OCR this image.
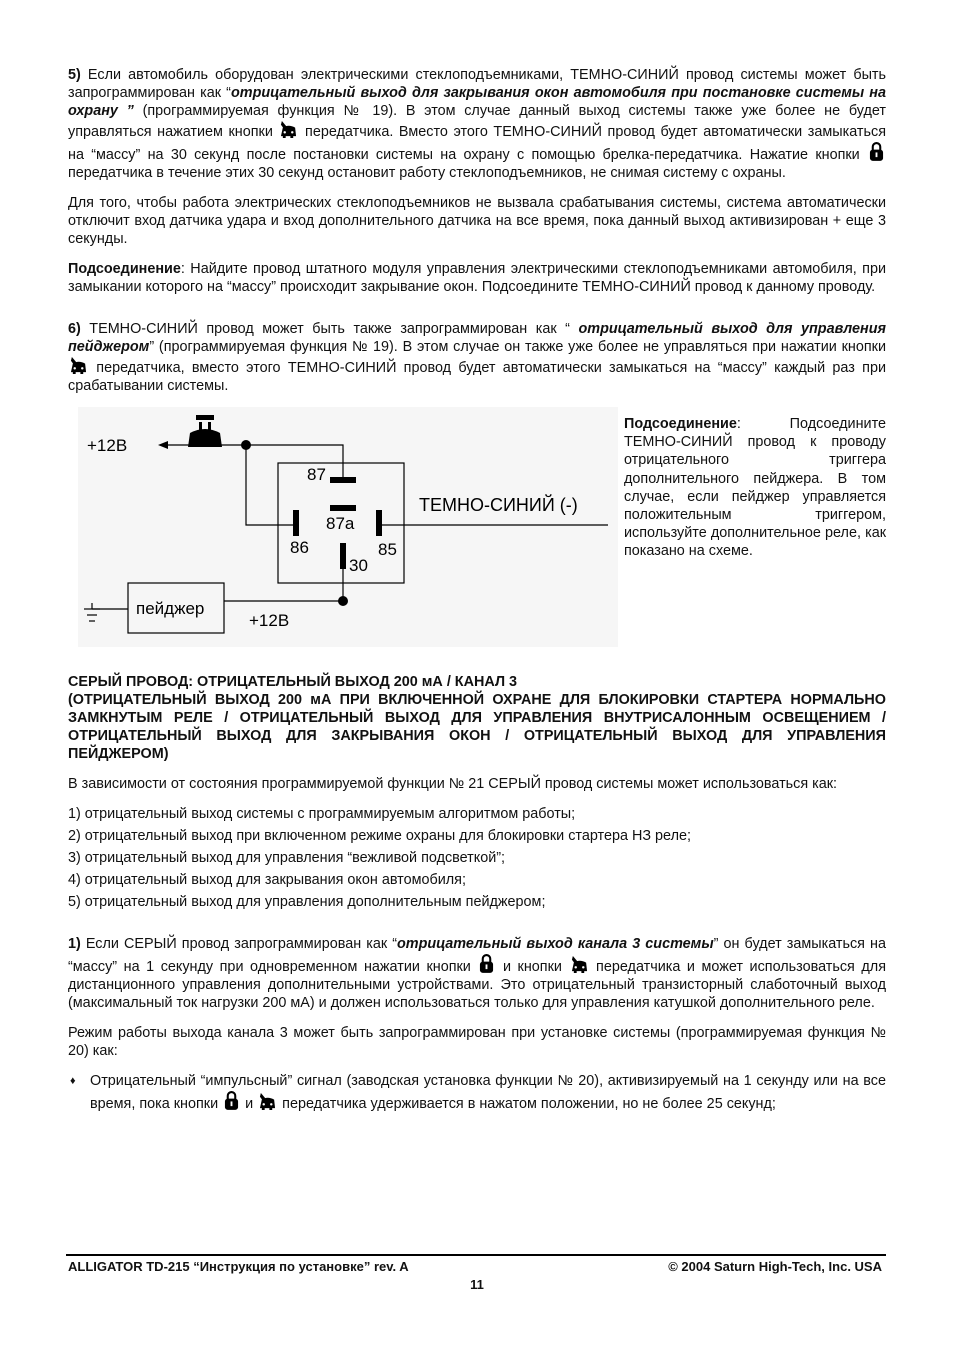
5) Если автомобиль оборудован электрическими стеклоподъемниками, ТЕМНО-СИНИЙ провод системы может быть запрограммирован как “отрицательный выход для закрывания окон автомобиля при постановке системы на охрану ” (программируемая функция № 19). В этом случае данный выход системы также уже более не будет управляться нажатием кнопки  передатчика. Вместо этого ТЕМНО-СИНИЙ провод будет автоматически замыкаться на “массу” на 30 секунд после постановки системы на охрану с помощью брелка-передатчика. Нажатие кнопки  передатчика в течение этих 30 секунд остановит работу стеклоподъемников, не снимая систему с охраны.

Для того, чтобы работа электрических стеклоподъемников не вызвала срабатывания системы, система автоматически отключит вход датчика удара и вход дополнительного датчика на все время, пока данный выход активизирован + еще 3 секунды.

Подсоединение: Найдите провод штатного модуля управления электрическими стеклоподъемниками автомобиля, при замыкании которого на “массу” происходит закрывание окон. Подсоедините ТЕМНО-СИНИЙ провод к данному проводу.

6) ТЕМНО-СИНИЙ провод может быть также запрограммирован как “ отрицательный выход для управления пейджером” (программируемая функция № 19). В этом случае он также уже более не управляться при нажатии кнопки  передатчика, вместо этого ТЕМНО-СИНИЙ провод будет автоматически замыкаться на “массу” каждый раз при срабатывании системы.

+12В
87
87a
86	85
30
ТЕМНО-СИНИЙ (-)
пейджер
+12В
Подсоединение: Подсоедините ТЕМНО-СИНИЙ провод к проводу отрицательного триггера дополнительного пейджера. В том случае, если пейджер управляется положительным триггером, используйте дополнительное реле, как показано на схеме.
СЕРЫЙ ПРОВОД: ОТРИЦАТЕЛЬНЫЙ ВЫХОД 200 мА / КАНАЛ 3
(ОТРИЦАТЕЛЬНЫЙ ВЫХОД 200 мА ПРИ ВКЛЮЧЕННОЙ ОХРАНЕ ДЛЯ БЛОКИРОВКИ СТАРТЕРА НОРМАЛЬНО ЗАМКНУТЫМ РЕЛЕ / ОТРИЦАТЕЛЬНЫЙ ВЫХОД ДЛЯ УПРАВЛЕНИЯ ВНУТРИСАЛОННЫМ ОСВЕЩЕНИЕМ / ОТРИЦАТЕЛЬНЫЙ ВЫХОД ДЛЯ ЗАКРЫВАНИЯ ОКОН / ОТРИЦАТЕЛЬНЫЙ ВЫХОД ДЛЯ УПРАВЛЕНИЯ ПЕЙДЖЕРОМ)

В зависимости от состояния программируемой функции № 21 СЕРЫЙ провод системы может использоваться как:

1) отрицательный выход системы с программируемым алгоритмом работы;
2) отрицательный выход при включенном режиме охраны для блокировки стартера НЗ реле;
3) отрицательный выход для управления “вежливой подсветкой”;
4) отрицательный выход для закрывания окон автомобиля;
5) отрицательный выход для управления дополнительным пейджером;

1) Если СЕРЫЙ провод запрограммирован как “отрицательный выход канала 3 системы” он будет замыкаться на “массу” на 1 секунду при одновременном нажатии кнопки  и кнопки  передатчика и может использоваться для дистанционного управления дополнительными устройствами. Это отрицательный транзисторный слаботочный выход (максимальный ток нагрузки 200 мА) и должен использоваться только для управления катушкой дополнительного реле.

Режим работы выхода канала 3 может быть запрограммирован при установке системы (программируемая функция № 20) как:

♦ Отрицательный “импульсный” сигнал (заводская установка функции № 20), активизируемый на 1 секунду или на все время, пока кнопки  и  передатчика удерживается в нажатом положении, но не более 25 секунд;
ALLIGATOR TD-215 “Инструкция по установке” rev. A	© 2004 Saturn High-Tech, Inc. USA
11
